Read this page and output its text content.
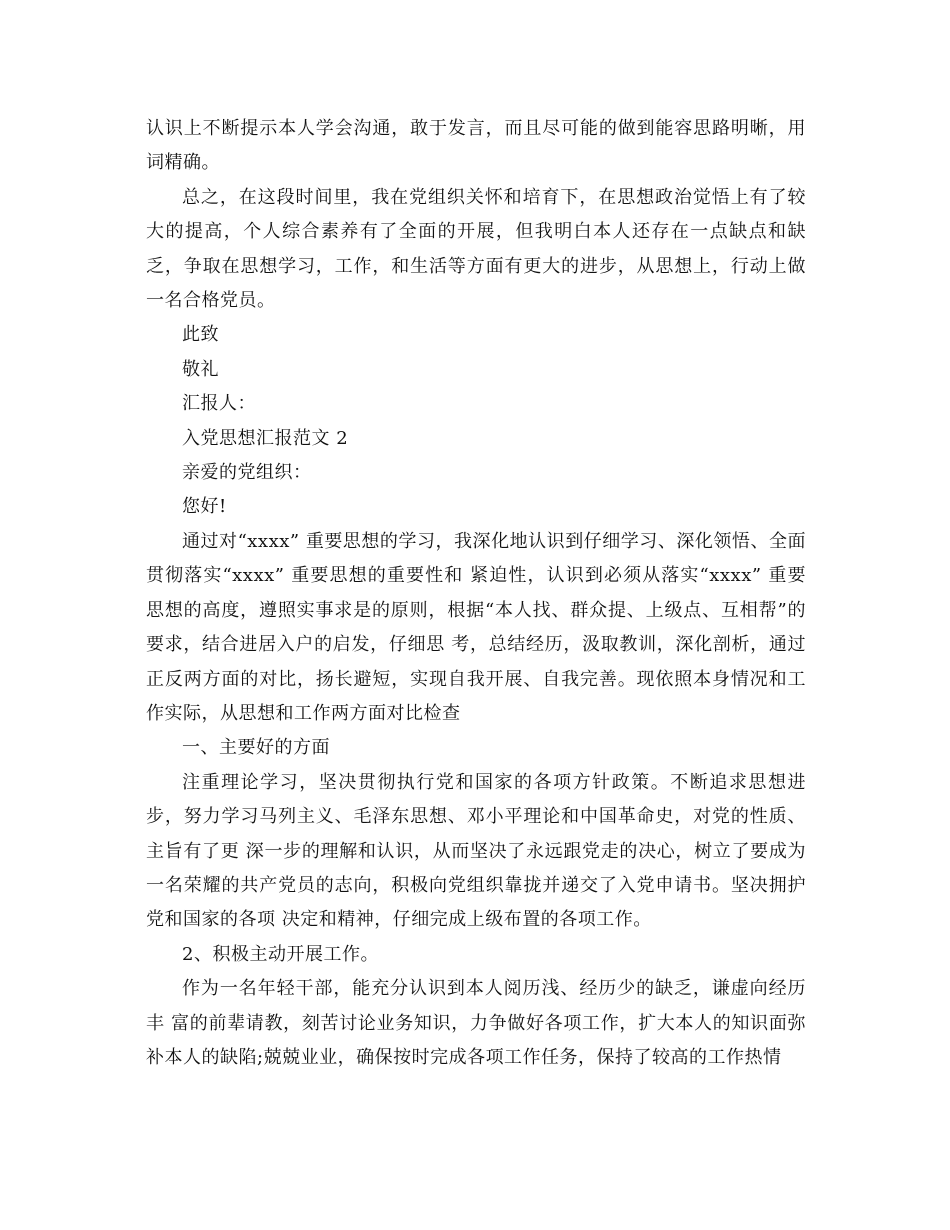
认识上不断提示本人学会沟通，敢于发言，而且尽可能的做到能容思路明晰，用词精确。

总之，在这段时间里，我在党组织关怀和培育下，在思想政治觉悟上有了较大的提高，个人综合素养有了全面的开展，但我明白本人还存在一点缺点和缺乏，争取在思想学习，工作，和生活等方面有更大的进步，从思想上，行动上做一名合格党员。

此致

敬礼

汇报人：

入党思想汇报范文 2

亲爱的党组织：

您好!

通过对“xxxx” 重要思想的学习，我深化地认识到仔细学习、深化领悟、全面贯彻落实“xxxx” 重要思想的重要性和 紧迫性，认识到必须从落实“xxxx” 重要思想的高度，遵照实事求是的原则，根据“本人找、群众提、上级点、互相帮”的要求，结合进居入户的启发，仔细思 考，总结经历，汲取教训，深化剖析，通过正反两方面的对比，扬长避短，实现自我开展、自我完善。现依照本身情况和工作实际，从思想和工作两方面对比检查

一、主要好的方面

注重理论学习，坚决贯彻执行党和国家的各项方针政策。不断追求思想进步，努力学习马列主义、毛泽东思想、邓小平理论和中国革命史，对党的性质、主旨有了更 深一步的理解和认识，从而坚决了永远跟党走的决心，树立了要成为一名荣耀的共产党员的志向，积极向党组织靠拢并递交了入党申请书。坚决拥护党和国家的各项 决定和精神，仔细完成上级布置的各项工作。

2、积极主动开展工作。

作为一名年轻干部，能充分认识到本人阅历浅、经历少的缺乏，谦虚向经历丰 富的前辈请教，刻苦讨论业务知识，力争做好各项工作，扩大本人的知识面弥补本人的缺陷;兢兢业业，确保按时完成各项工作任务，保持了较高的工作热情
